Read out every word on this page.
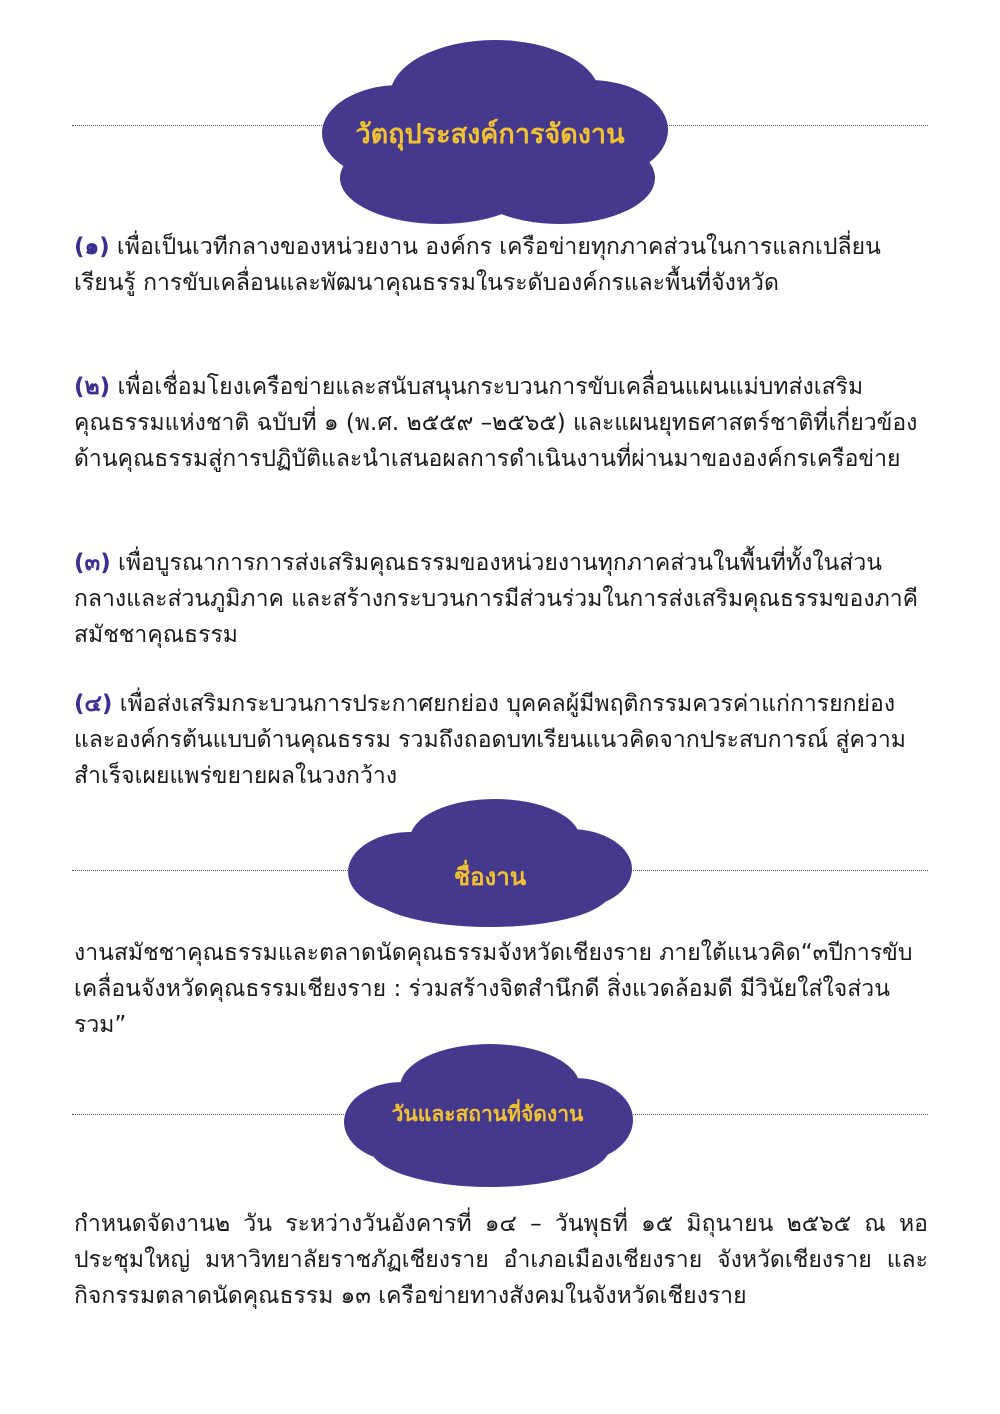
วัตถุประสงค์การจัดงาน

(๑) เพื่อเป็นเวทีกลางของหน่วยงาน องค์กร เครือข่ายทุกภาคส่วนในการแลกเปลี่ยนเรียนรู้ การขับเคลื่อนและพัฒนาคุณธรรมในระดับองค์กรและพื้นที่จังหวัด

(๒) เพื่อเชื่อมโยงเครือข่ายและสนับสนุนกระบวนการขับเคลื่อนแผนแม่บทส่งเสริมคุณธรรมแห่งชาติ ฉบับที่ ๑ (พ.ศ. ๒๕๕๙ –๒๕๖๕) และแผนยุทธศาสตร์ชาติที่เกี่ยวข้องด้านคุณธรรมสู่การปฏิบัติและนำเสนอผลการดำเนินงานที่ผ่านมาขององค์กรเครือข่าย

(๓) เพื่อบูรณาการการส่งเสริมคุณธรรมของหน่วยงานทุกภาคส่วนในพื้นที่ทั้งในส่วนกลางและส่วนภูมิภาค และสร้างกระบวนการมีส่วนร่วมในการส่งเสริมคุณธรรมของภาคีสมัชชาคุณธรรม

(๔) เพื่อส่งเสริมกระบวนการประกาศยกย่อง บุคคลผู้มีพฤติกรรมควรค่าแก่การยกย่อง และองค์กรต้นแบบด้านคุณธรรม รวมถึงถอดบทเรียนแนวคิดจากประสบการณ์ สู่ความสำเร็จเผยแพร่ขยายผลในวงกว้าง

ชื่องาน

งานสมัชชาคุณธรรมและตลาดนัดคุณธรรมจังหวัดเชียงราย ภายใต้แนวคิด“๓ปีการขับเคลื่อนจังหวัดคุณธรรมเชียงราย : ร่วมสร้างจิตสำนึกดี สิ่งแวดล้อมดี มีวินัยใส่ใจส่วนรวม”

วันและสถานที่จัดงาน

กำหนดจัดงาน๒ วัน ระหว่างวันอังคารที่ ๑๔ – วันพุธที่ ๑๕ มิถุนายน ๒๕๖๕ ณ หอประชุมใหญ่ มหาวิทยาลัยราชภัฏเชียงราย อำเภอเมืองเชียงราย จังหวัดเชียงราย และกิจกรรมตลาดนัดคุณธรรม ๑๓ เครือข่ายทางสังคมในจังหวัดเชียงราย
